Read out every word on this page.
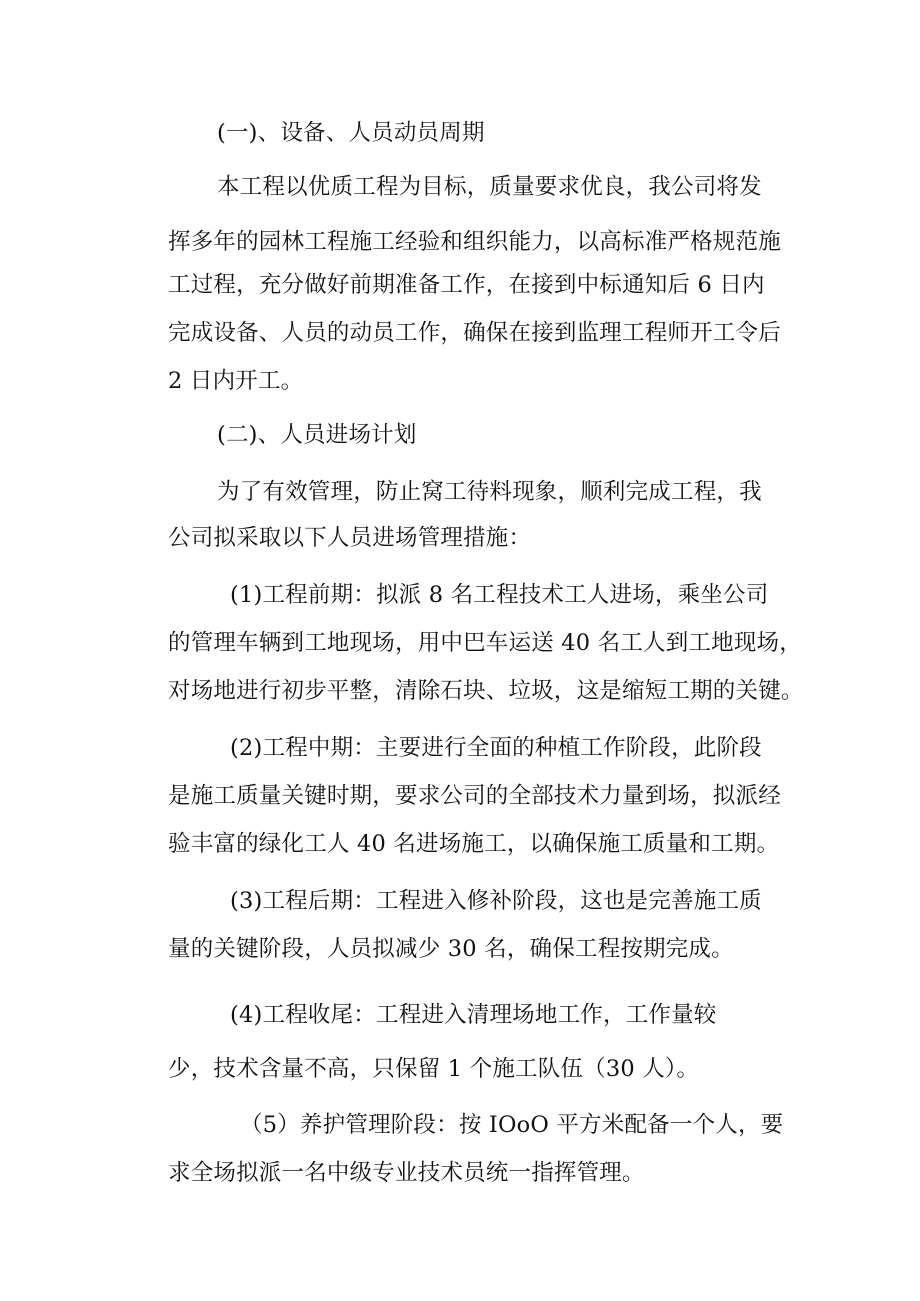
(一)、设备、人员动员周期
本工程以优质工程为目标，质量要求优良，我公司将发
挥多年的园林工程施工经验和组织能力，以高标准严格规范施
工过程，充分做好前期准备工作，在接到中标通知后 6 日内
完成设备、人员的动员工作，确保在接到监理工程师开工令后
2 日内开工。
(二)、人员进场计划
为了有效管理，防止窝工待料现象，顺利完成工程，我
公司拟采取以下人员进场管理措施：
(1)工程前期：拟派 8 名工程技术工人进场，乘坐公司
的管理车辆到工地现场，用中巴车运送 40 名工人到工地现场，
对场地进行初步平整，清除石块、垃圾，这是缩短工期的关键。
(2)工程中期：主要进行全面的种植工作阶段，此阶段
是施工质量关键时期，要求公司的全部技术力量到场，拟派经
验丰富的绿化工人 40 名进场施工，以确保施工质量和工期。
(3)工程后期：工程进入修补阶段，这也是完善施工质
量的关键阶段，人员拟减少 30 名，确保工程按期完成。
(4)工程收尾：工程进入清理场地工作，工作量较
少，技术含量不高，只保留 1 个施工队伍（30 人）。
（5）养护管理阶段：按 IOoO 平方米配备一个人，要
求全场拟派一名中级专业技术员统一指挥管理。
